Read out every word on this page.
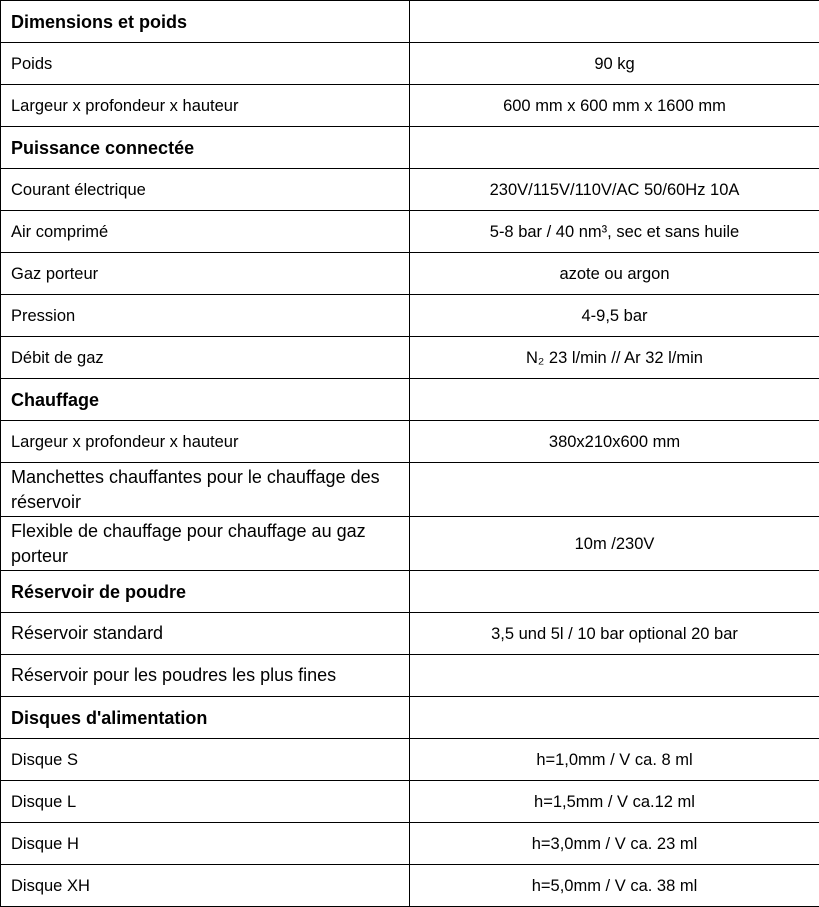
Dimensions et poids	
Poids	90 kg
Largeur x profondeur x hauteur	600 mm x 600 mm x 1600 mm
Puissance connectée	
Courant électrique	230V/115V/110V/AC 50/60Hz 10A
Air comprimé	5-8 bar / 40 nm³, sec et sans huile
Gaz porteur	azote ou argon
Pression	4-9,5 bar
Débit de gaz	N₂ 23 l/min // Ar 32 l/min
Chauffage	
Largeur x profondeur x hauteur	380x210x600 mm
Manchettes chauffantes pour le chauffage des réservoir	
Flexible de chauffage pour chauffage au gaz porteur	10m /230V
Réservoir de poudre	
Réservoir standard	3,5 und 5l / 10 bar optional 20 bar
Réservoir pour les poudres les plus fines	
Disques d'alimentation	
Disque S	h=1,0mm / V ca. 8 ml
Disque L	h=1,5mm / V ca.12 ml
Disque H	h=3,0mm / V ca. 23 ml
Disque XH	h=5,0mm / V ca. 38 ml
